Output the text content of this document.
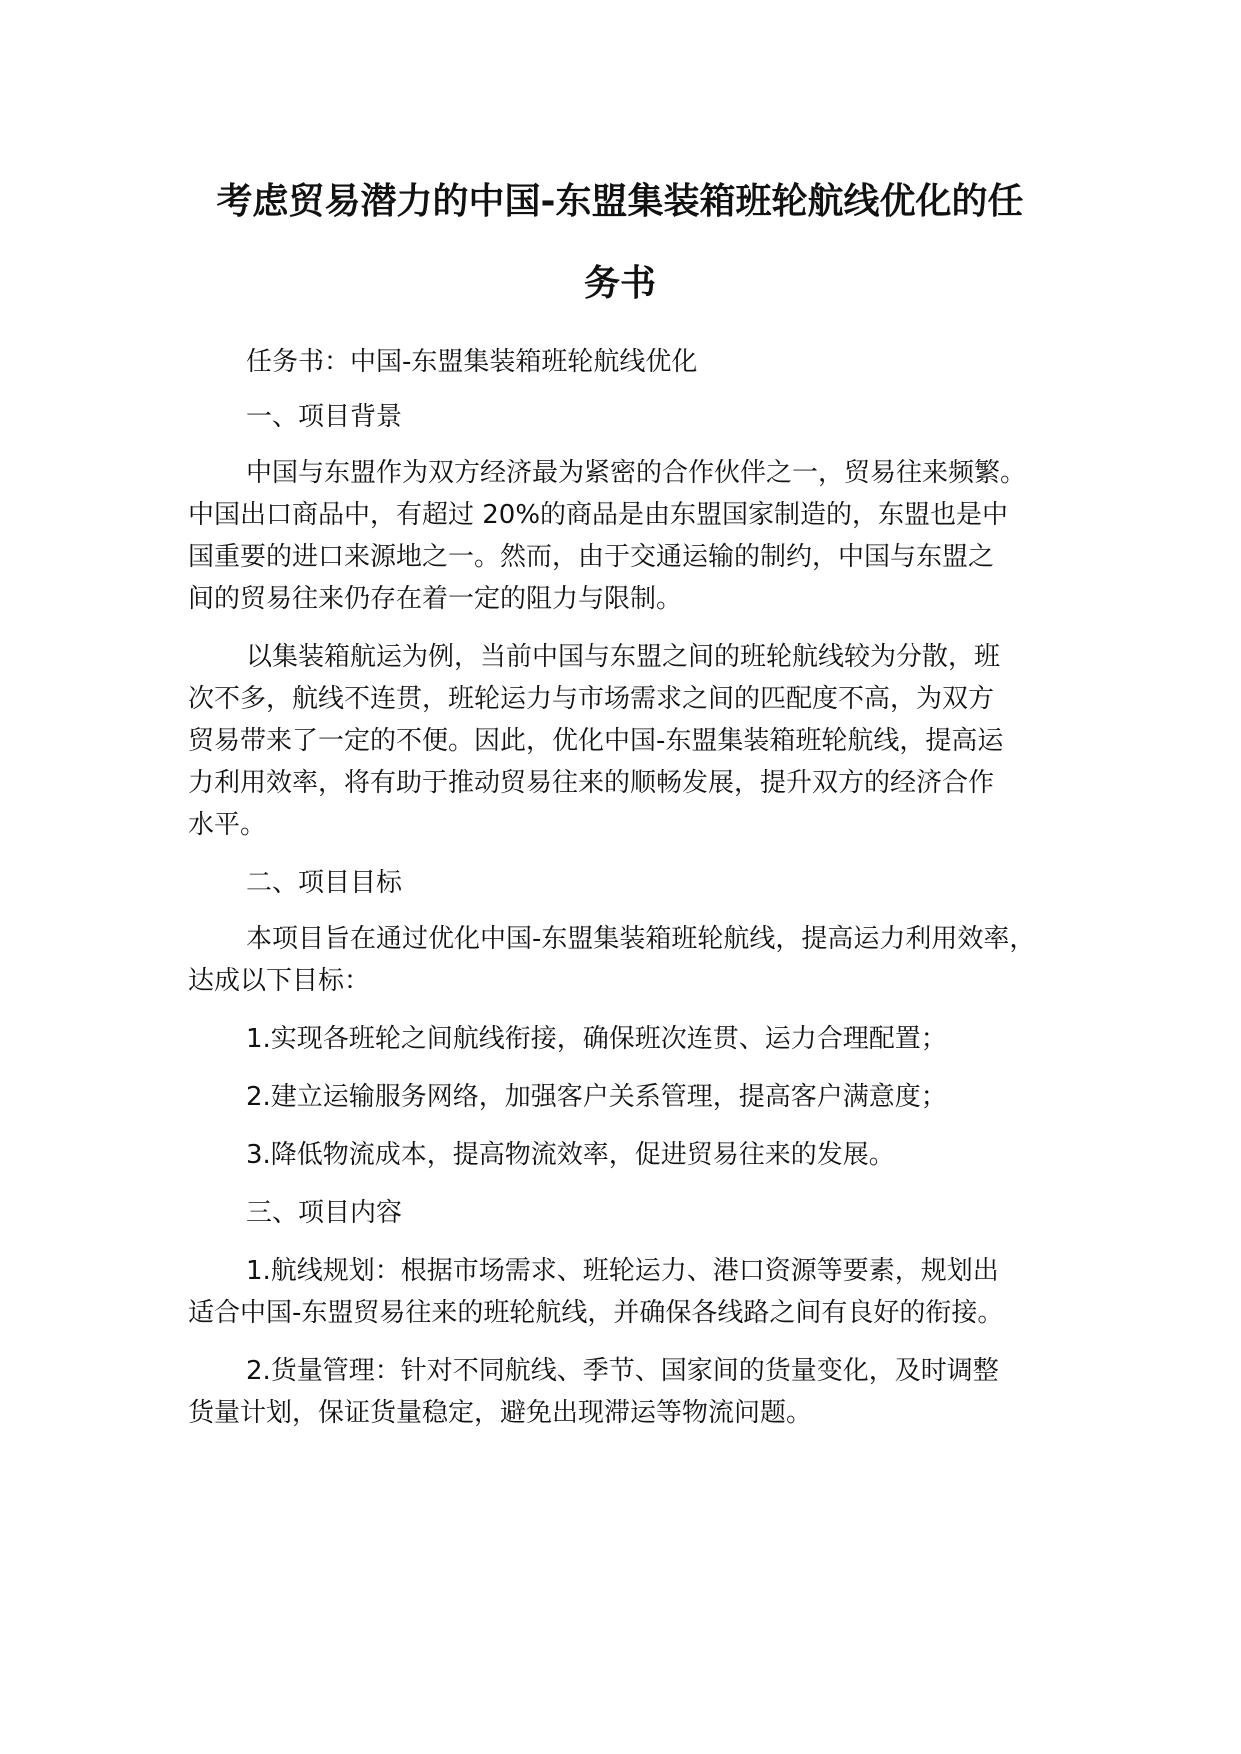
考虑贸易潜力的中国-东盟集装箱班轮航线优化的任
务书

任务书：中国-东盟集装箱班轮航线优化

一、项目背景

中国与东盟作为双方经济最为紧密的合作伙伴之一，贸易往来频繁。

中国出口商品中，有超过 20%的商品是由东盟国家制造的，东盟也是中

国重要的进口来源地之一。然而，由于交通运输的制约，中国与东盟之

间的贸易往来仍存在着一定的阻力与限制。

以集装箱航运为例，当前中国与东盟之间的班轮航线较为分散，班

次不多，航线不连贯，班轮运力与市场需求之间的匹配度不高，为双方

贸易带来了一定的不便。因此，优化中国-东盟集装箱班轮航线，提高运

力利用效率，将有助于推动贸易往来的顺畅发展，提升双方的经济合作

水平。

二、项目目标

本项目旨在通过优化中国-东盟集装箱班轮航线，提高运力利用效率，

达成以下目标：

1.实现各班轮之间航线衔接，确保班次连贯、运力合理配置；

2.建立运输服务网络，加强客户关系管理，提高客户满意度；

3.降低物流成本，提高物流效率，促进贸易往来的发展。

三、项目内容

1.航线规划：根据市场需求、班轮运力、港口资源等要素，规划出

适合中国-东盟贸易往来的班轮航线，并确保各线路之间有良好的衔接。

2.货量管理：针对不同航线、季节、国家间的货量变化，及时调整

货量计划，保证货量稳定，避免出现滞运等物流问题。
